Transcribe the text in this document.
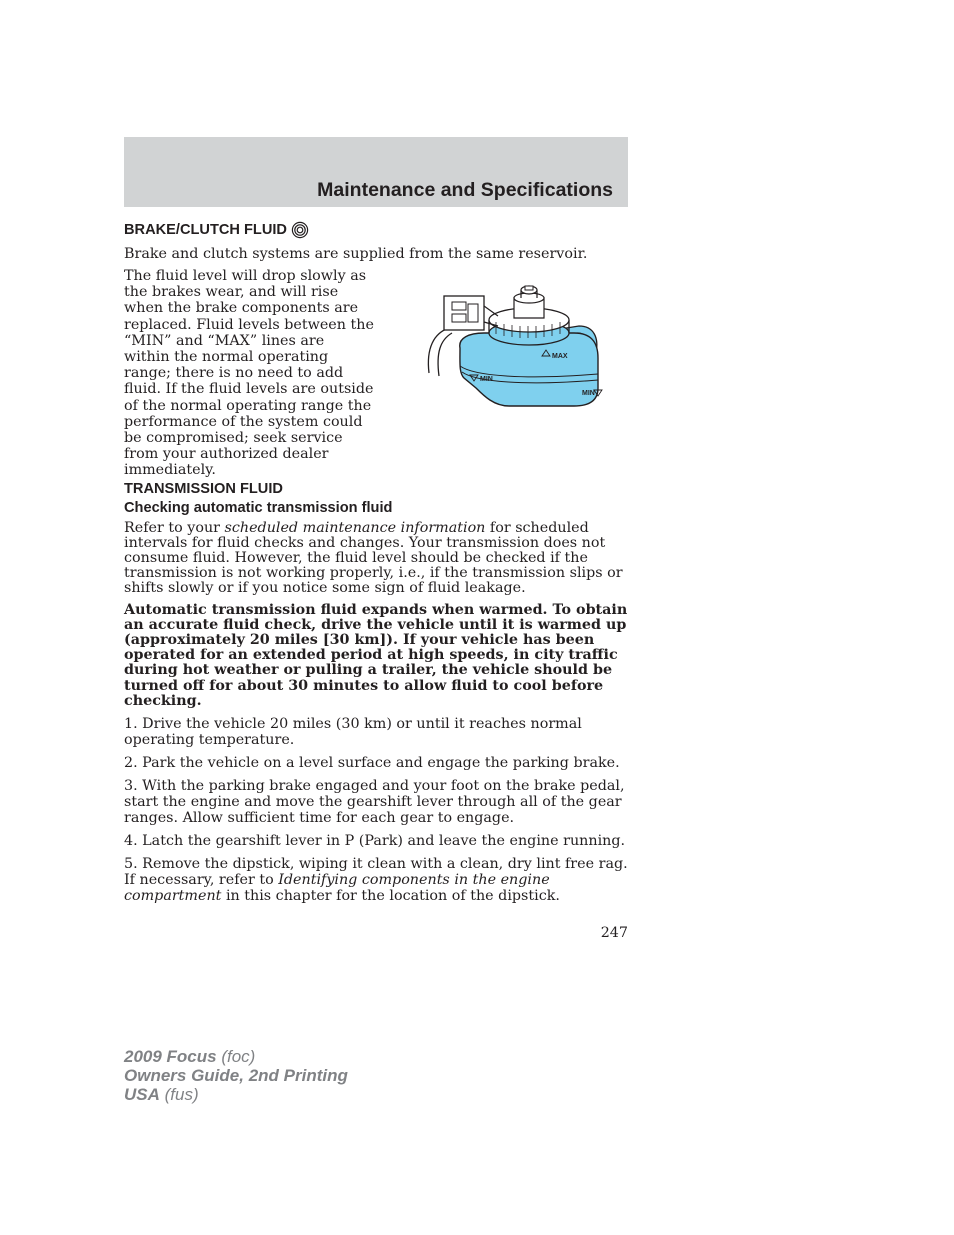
Maintenance and Specifications
BRAKE/CLUTCH FLUID

Brake and clutch systems are supplied from the same reservoir.

The fluid level will drop slowly as the brakes wear, and will rise when the brake components are replaced. Fluid levels between the “MIN” and “MAX” lines are within the normal operating range; there is no need to add fluid. If the fluid levels are outside of the normal operating range the performance of the system could be compromised; seek service from your authorized dealer immediately.

MAX
MIN
MIN
TRANSMISSION FLUID
Checking automatic transmission fluid

Refer to your scheduled maintenance information for scheduled intervals for fluid checks and changes. Your transmission does not consume fluid. However, the fluid level should be checked if the transmission is not working properly, i.e., if the transmission slips or shifts slowly or if you notice some sign of fluid leakage.

Automatic transmission fluid expands when warmed. To obtain an accurate fluid check, drive the vehicle until it is warmed up (approximately 20 miles [30 km]). If your vehicle has been operated for an extended period at high speeds, in city traffic during hot weather or pulling a trailer, the vehicle should be turned off for about 30 minutes to allow fluid to cool before checking.

1. Drive the vehicle 20 miles (30 km) or until it reaches normal operating temperature.

2. Park the vehicle on a level surface and engage the parking brake.

3. With the parking brake engaged and your foot on the brake pedal, start the engine and move the gearshift lever through all of the gear ranges. Allow sufficient time for each gear to engage.

4. Latch the gearshift lever in P (Park) and leave the engine running.

5. Remove the dipstick, wiping it clean with a clean, dry lint free rag. If necessary, refer to Identifying components in the engine compartment in this chapter for the location of the dipstick.

247
2009 Focus (foc)
Owners Guide, 2nd Printing
USA (fus)
